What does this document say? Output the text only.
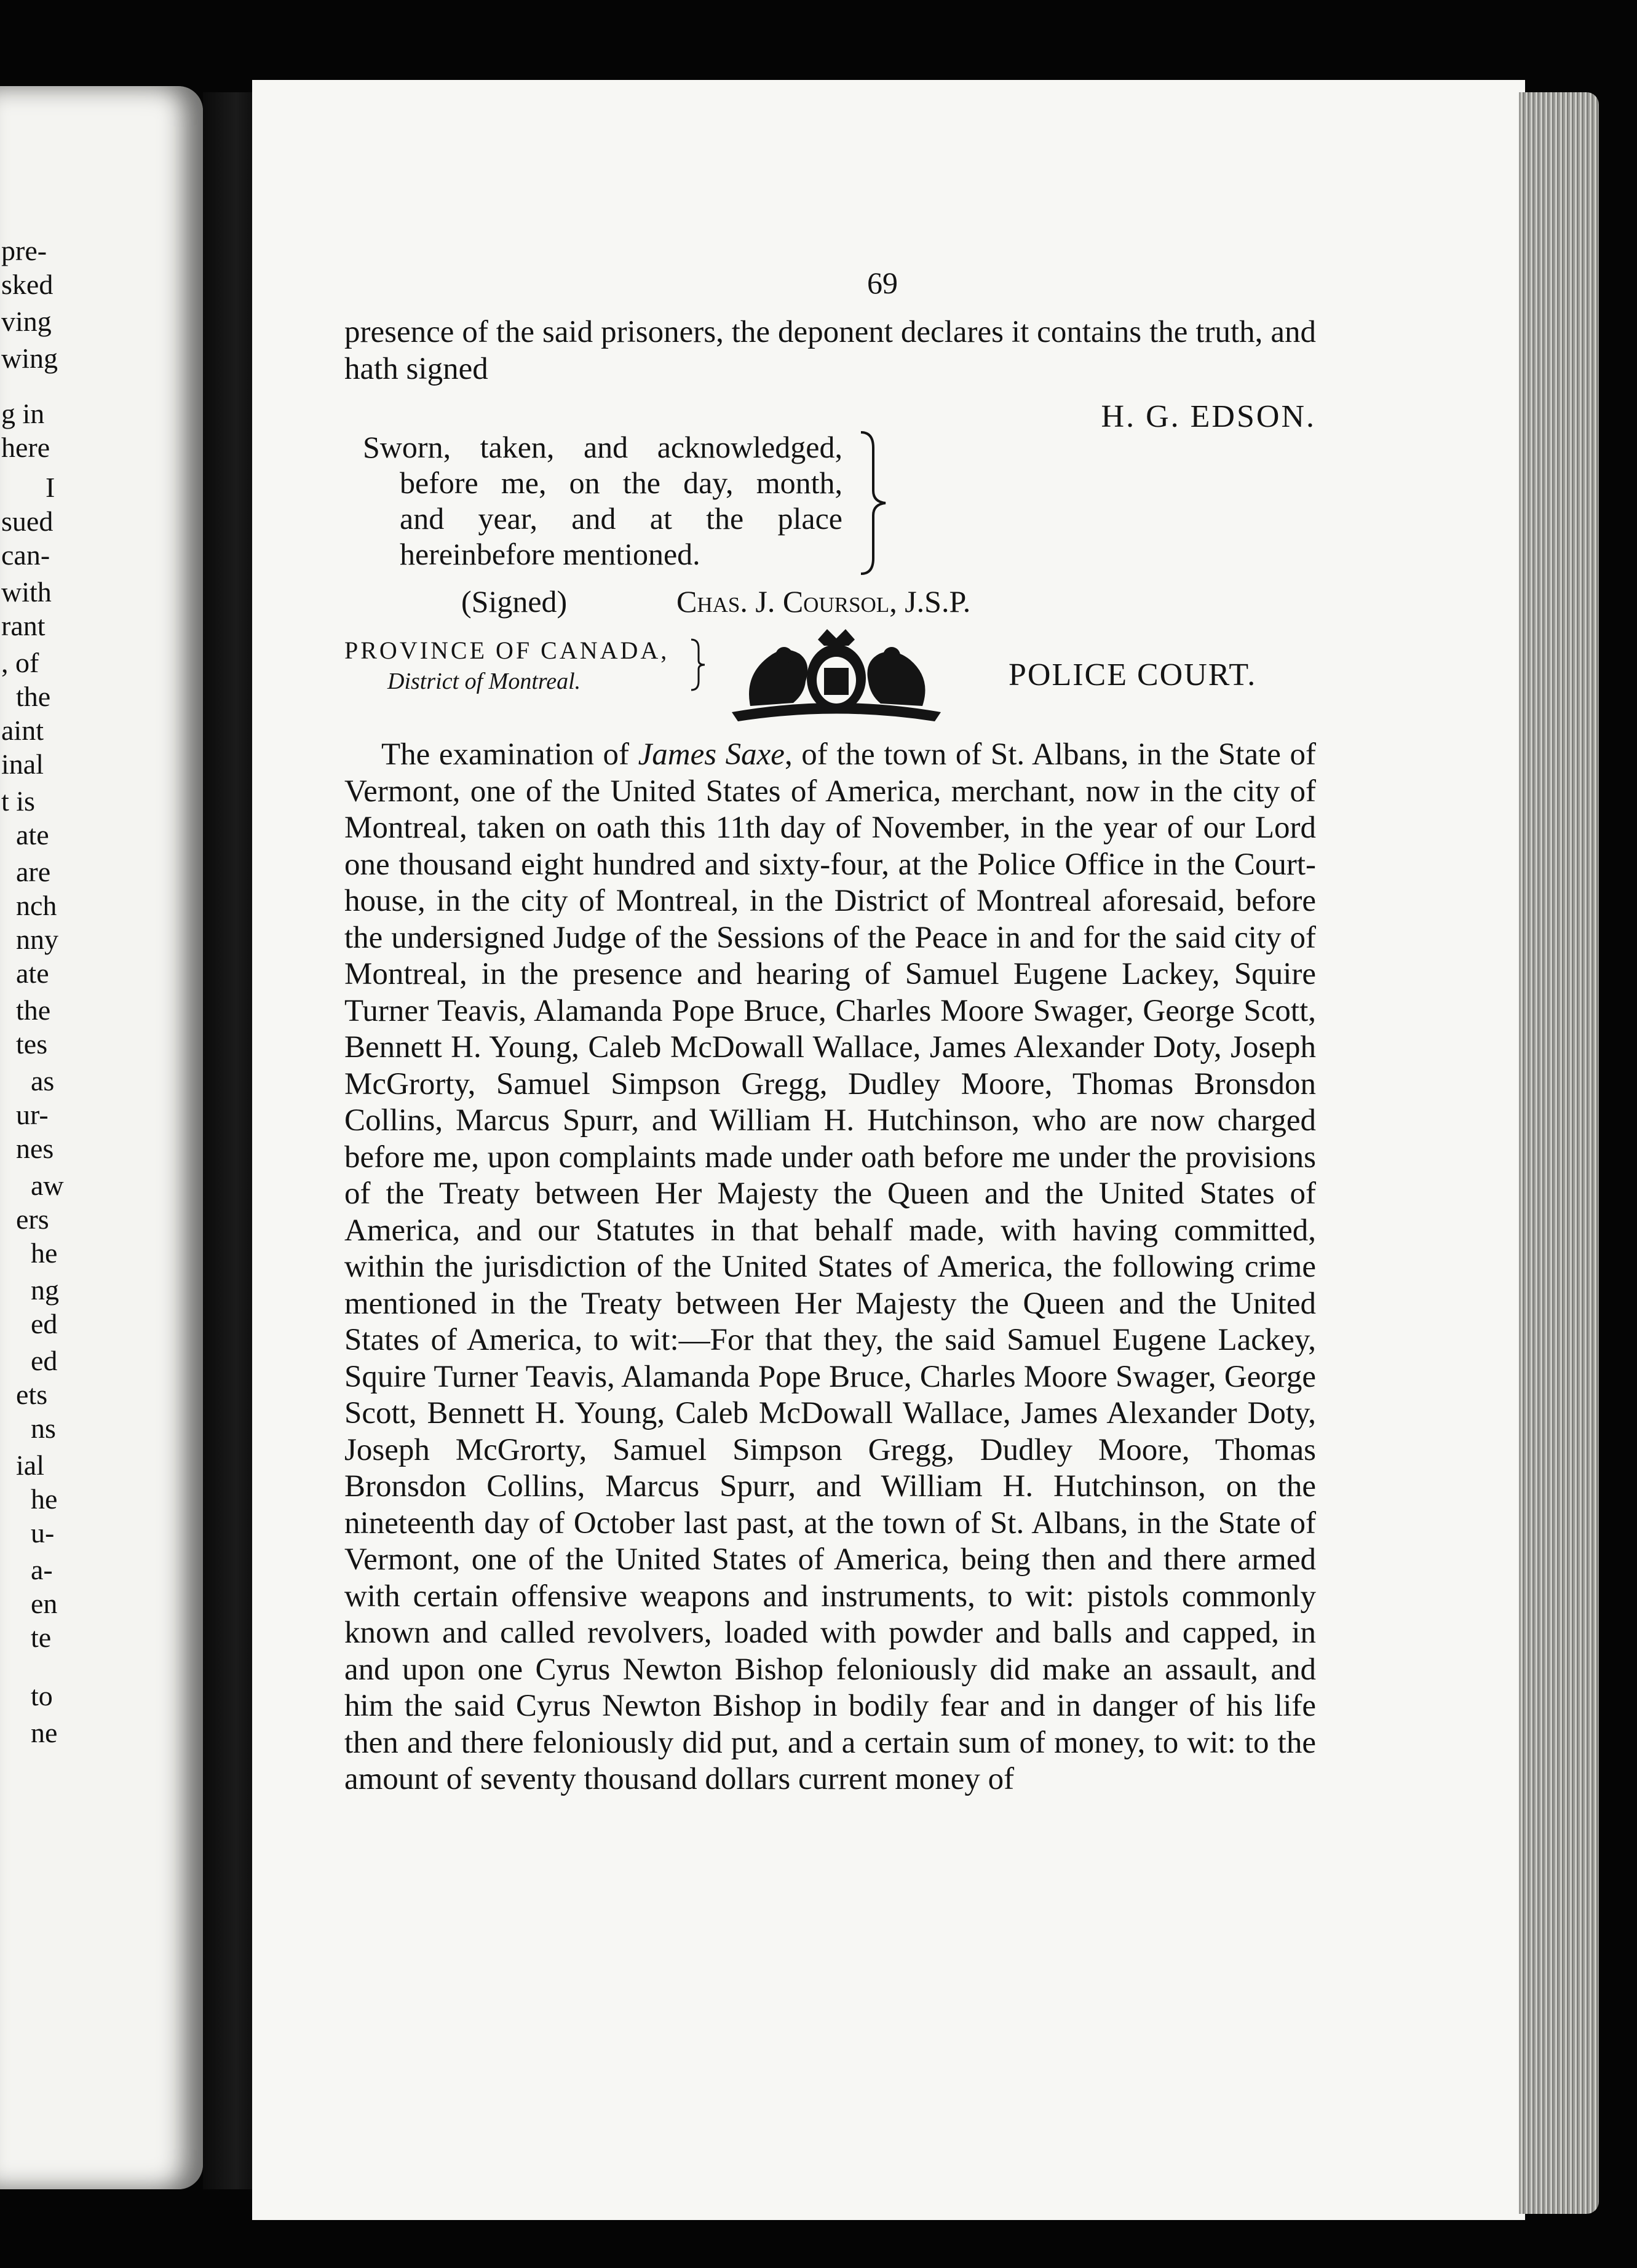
pre-
sked
ving
wing
g in
here
I
sued
can-
with
rant
, of
the
aint
inal
t is
ate
are
nch
nny
ate
the
tes
as
ur-
nes
aw
ers
he
ng
ed
ed
ets
ns
ial
he
u-
a-
en
te
to
ne
69

presence of the said prisoners, the deponent declares it contains the truth, and hath signed

H. G. EDSON.
Sworn, taken, and acknowledged,
before me, on the day, month,
and year, and at the place
hereinbefore mentioned.
(Signed)	Chas. J. Coursol, J.S.P.
PROVINCE OF CANADA,
District of Montreal.	POLICE COURT.

The examination of James Saxe, of the town of St. Albans, in the State of Vermont, one of the United States of America, merchant, now in the city of Montreal, taken on oath this 11th day of November, in the year of our Lord one thousand eight hundred and sixty-four, at the Police Office in the Court-house, in the city of Montreal, in the District of Montreal aforesaid, before the undersigned Judge of the Sessions of the Peace in and for the said city of Montreal, in the presence and hearing of Samuel Eugene Lackey, Squire Turner Teavis, Alamanda Pope Bruce, Charles Moore Swager, George Scott, Bennett H. Young, Caleb McDowall Wallace, James Alexander Doty, Joseph McGrorty, Samuel Simpson Gregg, Dudley Moore, Thomas Bronsdon Collins, Marcus Spurr, and William H. Hutchinson, who are now charged before me, upon complaints made under oath before me under the provisions of the Treaty between Her Majesty the Queen and the United States of America, and our Statutes in that behalf made, with having committed, within the jurisdiction of the United States of America, the following crime mentioned in the Treaty between Her Majesty the Queen and the United States of America, to wit:—For that they, the said Samuel Eugene Lackey, Squire Turner Teavis, Alamanda Pope Bruce, Charles Moore Swager, George Scott, Bennett H. Young, Caleb McDowall Wallace, James Alexander Doty, Joseph McGrorty, Samuel Simpson Gregg, Dudley Moore, Thomas Bronsdon Collins, Marcus Spurr, and William H. Hutchinson, on the nineteenth day of October last past, at the town of St. Albans, in the State of Vermont, one of the United States of America, being then and there armed with certain offensive weapons and instruments, to wit: pistols commonly known and called revolvers, loaded with powder and balls and capped, in and upon one Cyrus Newton Bishop feloniously did make an assault, and him the said Cyrus Newton Bishop in bodily fear and in danger of his life then and there feloniously did put, and a certain sum of money, to wit: to the amount of seventy thousand dollars current money of
